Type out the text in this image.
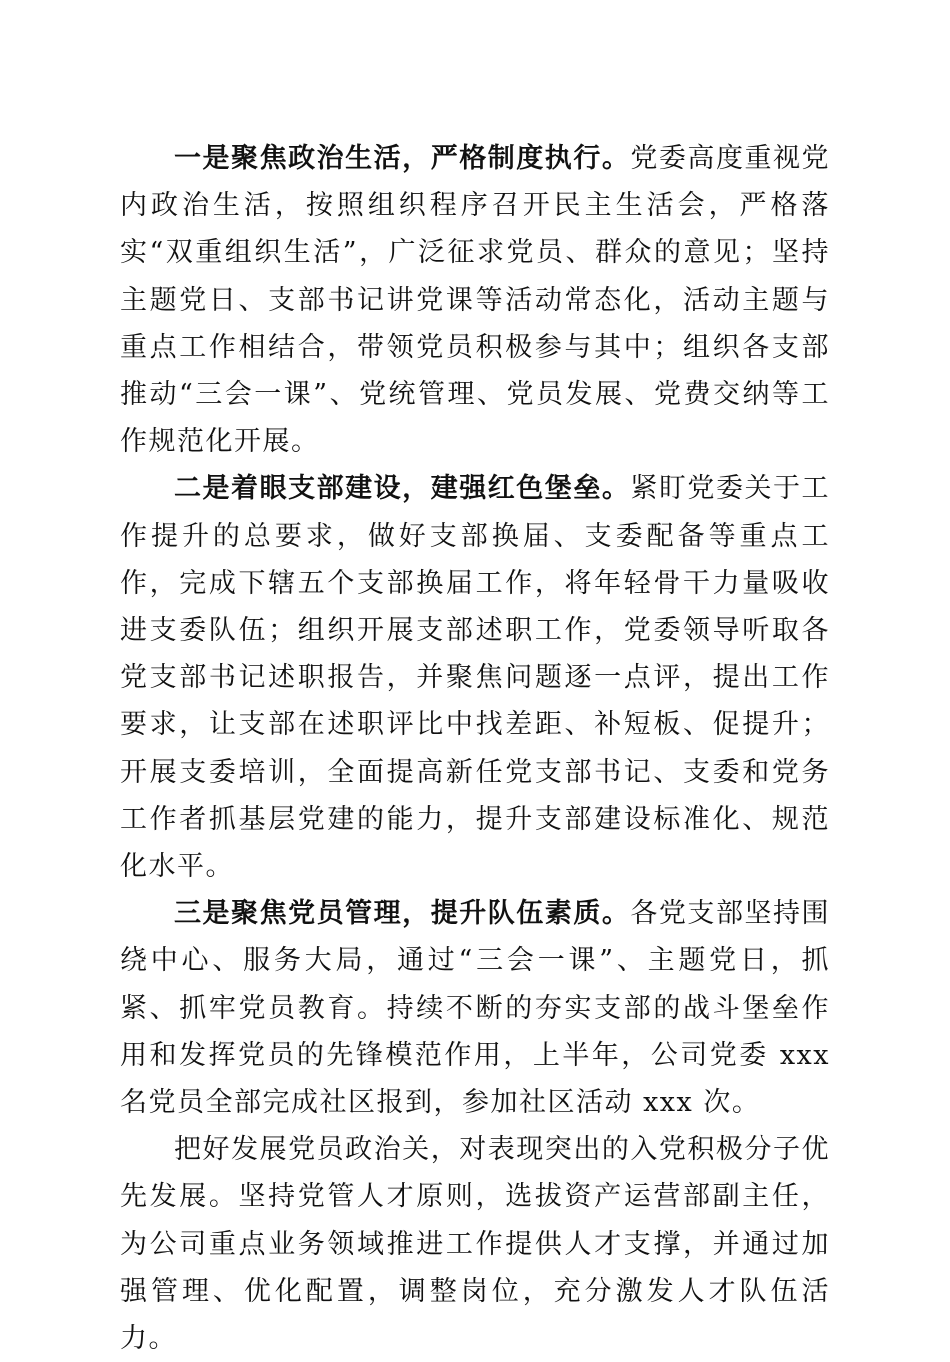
一是聚焦政治生活，严格制度执行。党委高度重视党内政治生活，按照组织程序召开民主生活会，严格落实“双重组织生活”，广泛征求党员、群众的意见；坚持主题党日、支部书记讲党课等活动常态化，活动主题与重点工作相结合，带领党员积极参与其中；组织各支部推动“三会一课”、党统管理、党员发展、党费交纳等工作规范化开展。

二是着眼支部建设，建强红色堡垒。紧盯党委关于工作提升的总要求，做好支部换届、支委配备等重点工作，完成下辖五个支部换届工作，将年轻骨干力量吸收进支委队伍；组织开展支部述职工作，党委领导听取各党支部书记述职报告，并聚焦问题逐一点评，提出工作要求，让支部在述职评比中找差距、补短板、促提升；开展支委培训，全面提高新任党支部书记、支委和党务工作者抓基层党建的能力，提升支部建设标准化、规范化水平。

三是聚焦党员管理，提升队伍素质。各党支部坚持围绕中心、服务大局，通过“三会一课”、主题党日，抓紧、抓牢党员教育。持续不断的夯实支部的战斗堡垒作用和发挥党员的先锋模范作用，上半年，公司党委 xxx 名党员全部完成社区报到，参加社区活动 xxx 次。

把好发展党员政治关，对表现突出的入党积极分子优先发展。坚持党管人才原则，选拔资产运营部副主任，为公司重点业务领域推进工作提供人才支撑，并通过加强管理、优化配置，调整岗位，充分激发人才队伍活力。
